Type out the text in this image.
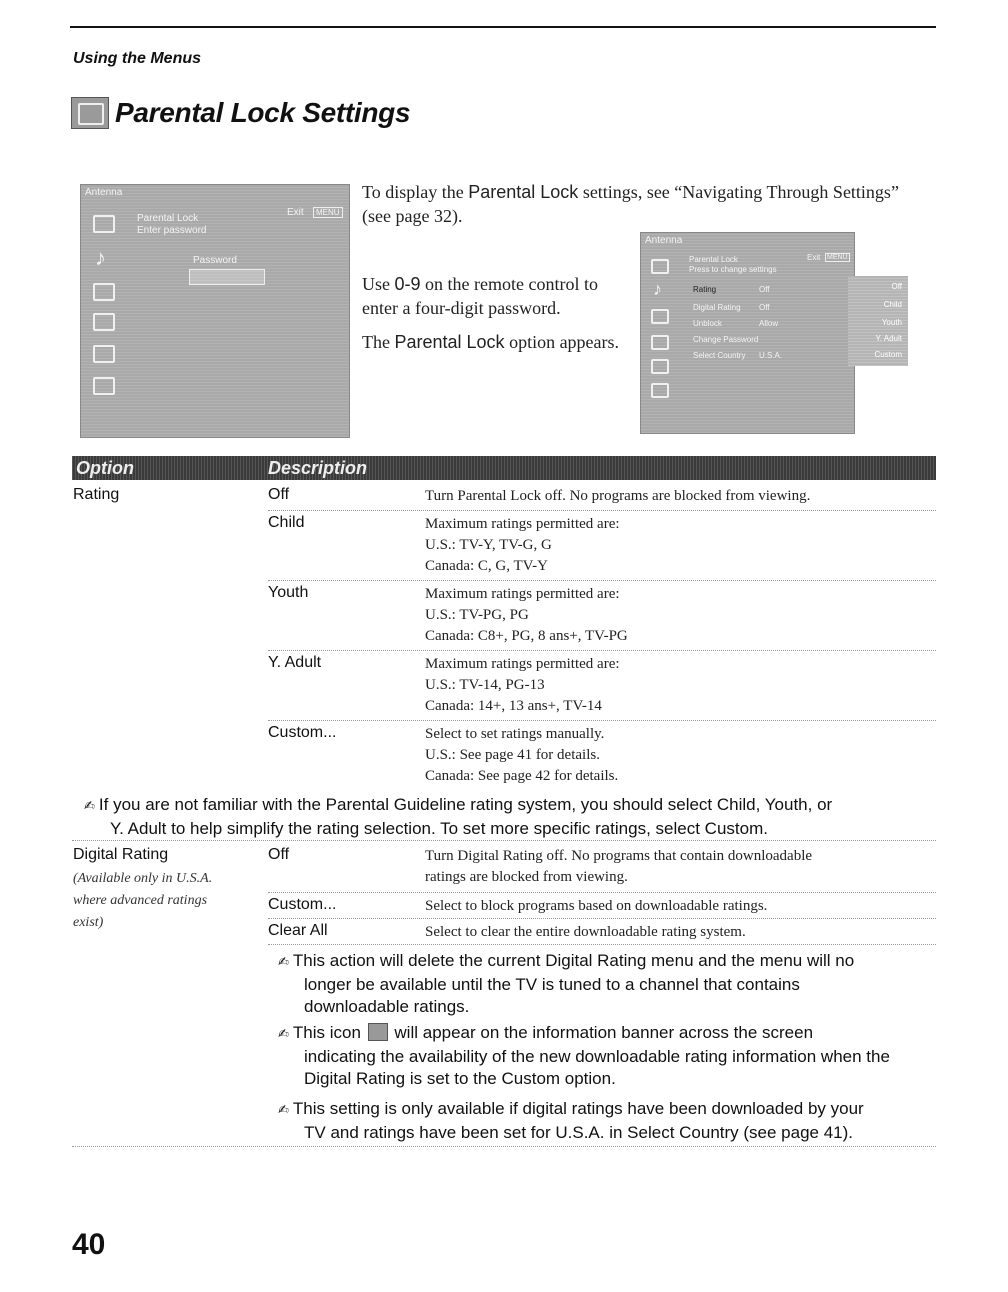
Using the Menus
Parental Lock Settings
Antenna
♪
Parental Lock
Enter password
Exit	MENU
Password
Antenna
♪
Parental Lock
Press to change settings
Exit MENU
Rating	Off
Digital Rating Off
Unblock	Allow
Change Password
Select Country U.S.A.
Off
Child
Youth
Y. Adult
Custom
To display the Parental Lock settings, see “Navigating Through Settings” (see page 32).
Use 0-9 on the remote control to enter a four-digit password.
The Parental Lock option appears.
Option	Description
Rating	Off	Turn Parental Lock off. No programs are blocked from viewing.
Child	Maximum ratings permitted are:
U.S.: TV-Y, TV-G, G
Canada: C, G, TV-Y
Youth	Maximum ratings permitted are:
U.S.: TV-PG, PG
Canada: C8+, PG, 8 ans+, TV-PG
Y. Adult	Maximum ratings permitted are:
U.S.: TV-14, PG-13
Canada: 14+, 13 ans+, TV-14
Custom...	Select to set ratings manually.
U.S.: See page 41 for details.
Canada: See page 42 for details.
✍ If you are not familiar with the Parental Guideline rating system, you should select Child, Youth, or
Y. Adult to help simplify the rating selection. To set more specific ratings, select Custom.
Digital Rating
(Available only in U.S.A.
where advanced ratings
exist)
Off	Turn Digital Rating off. No programs that contain downloadable
ratings are blocked from viewing.
Custom...	Select to block programs based on downloadable ratings.
Clear All	Select to clear the entire downloadable rating system.
✍ This action will delete the current Digital Rating menu and the menu will no
longer be available until the TV is tuned to a channel that contains
downloadable ratings.
✍ This icon will appear on the information banner across the screen
indicating the availability of the new downloadable rating information when the
Digital Rating is set to the Custom option.
✍ This setting is only available if digital ratings have been downloaded by your
TV and ratings have been set for U.S.A. in Select Country (see page 41).
40
